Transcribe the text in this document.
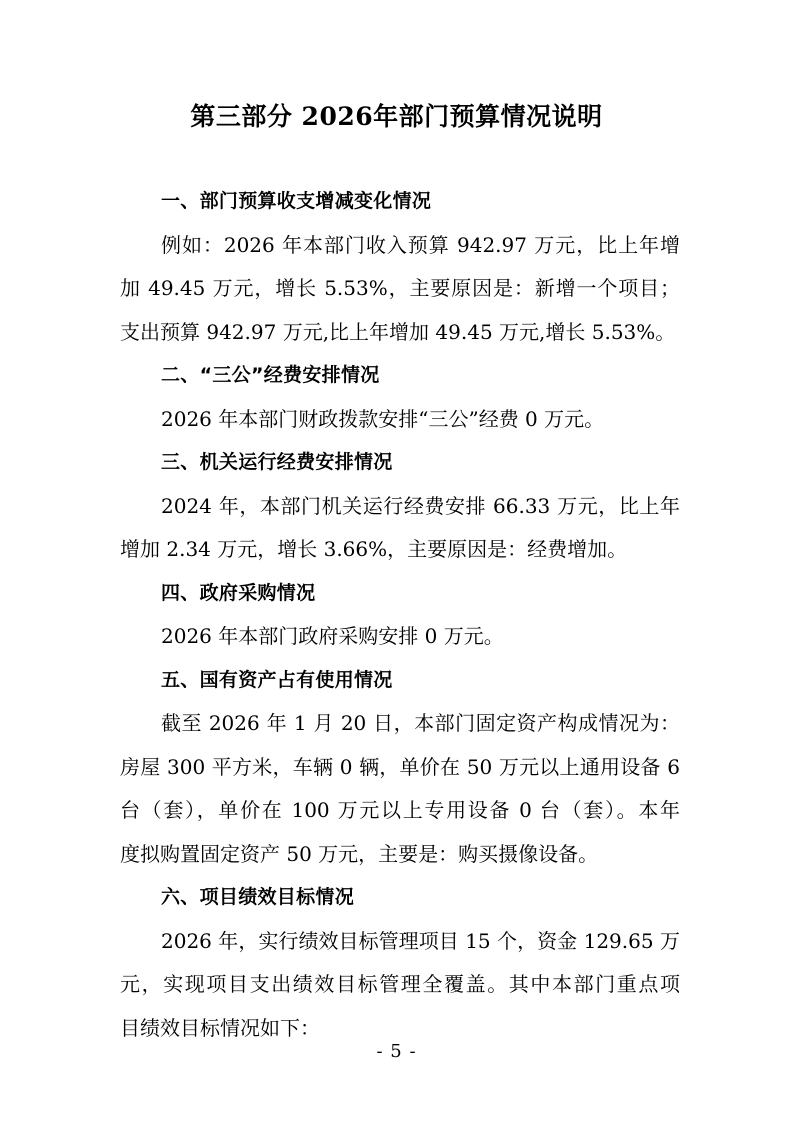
第三部分 2026年部门预算情况说明
一、部门预算收支增减变化情况
例如：2026 年本部门收入预算 942.97 万元，比上年增
加 49.45 万元，增长 5.53%，主要原因是：新增一个项目；
支出预算 942.97 万元,比上年增加 49.45 万元,增长 5.53%。
二、“三公”经费安排情况
2026 年本部门财政拨款安排“三公”经费 0 万元。
三、机关运行经费安排情况
2024 年，本部门机关运行经费安排 66.33 万元，比上年
增加 2.34 万元，增长 3.66%，主要原因是：经费增加。
四、政府采购情况
2026 年本部门政府采购安排 0 万元。
五、国有资产占有使用情况
截至 2026 年 1 月 20 日，本部门固定资产构成情况为：
房屋 300 平方米，车辆 0 辆，单价在 50 万元以上通用设备 6
台（套），单价在 100 万元以上专用设备 0 台（套）。本年
度拟购置固定资产 50 万元，主要是：购买摄像设备。
六、项目绩效目标情况
2026 年，实行绩效目标管理项目 15 个，资金 129.65 万
元，实现项目支出绩效目标管理全覆盖。其中本部门重点项
目绩效目标情况如下：
- 5 -
